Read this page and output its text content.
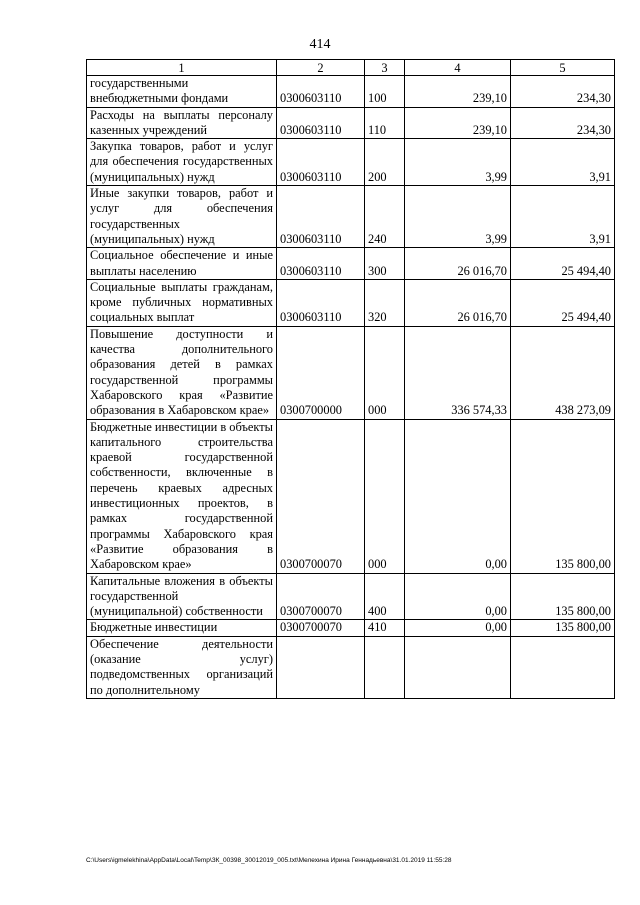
414
1	2	3	4	5
государственными внебюджетными фондами	0300603110	100	239,10	234,30
Расходы на выплаты персоналу казенных учреждений	0300603110	110	239,10	234,30
Закупка товаров, работ и услуг для обеспечения государственных (муниципальных) нужд	0300603110	200	3,99	3,91
Иные закупки товаров, работ и услуг для обеспечения государственных (муниципальных) нужд	0300603110	240	3,99	3,91
Социальное обеспечение и иные выплаты населению	0300603110	300	26 016,70	25 494,40
Социальные выплаты гражданам, кроме публичных нормативных социальных выплат	0300603110	320	26 016,70	25 494,40
Повышение доступности и качества дополнительного образования детей в рамках государственной программы Хабаровского края «Развитие образования в Хабаровском крае»	0300700000	000	336 574,33	438 273,09
Бюджетные инвестиции в объекты капитального строительства краевой государственной собственности, включенные в перечень краевых адресных инвестиционных проектов, в рамках государственной программы Хабаровского края «Развитие образования в Хабаровском крае»	0300700070	000	0,00	135 800,00
Капитальные вложения в объекты государственной (муниципальной) собственности	0300700070	400	0,00	135 800,00
Бюджетные инвестиции	0300700070	410	0,00	135 800,00
Обеспечение деятельности (оказание услуг) подведомственных организаций по дополнительному				
C:\Users\igmelekhina\AppData\Local\Temp\ЗК_00398_30012019_005.txt\Мелехина Ирина Геннадьевна\31.01.2019 11:55:28
